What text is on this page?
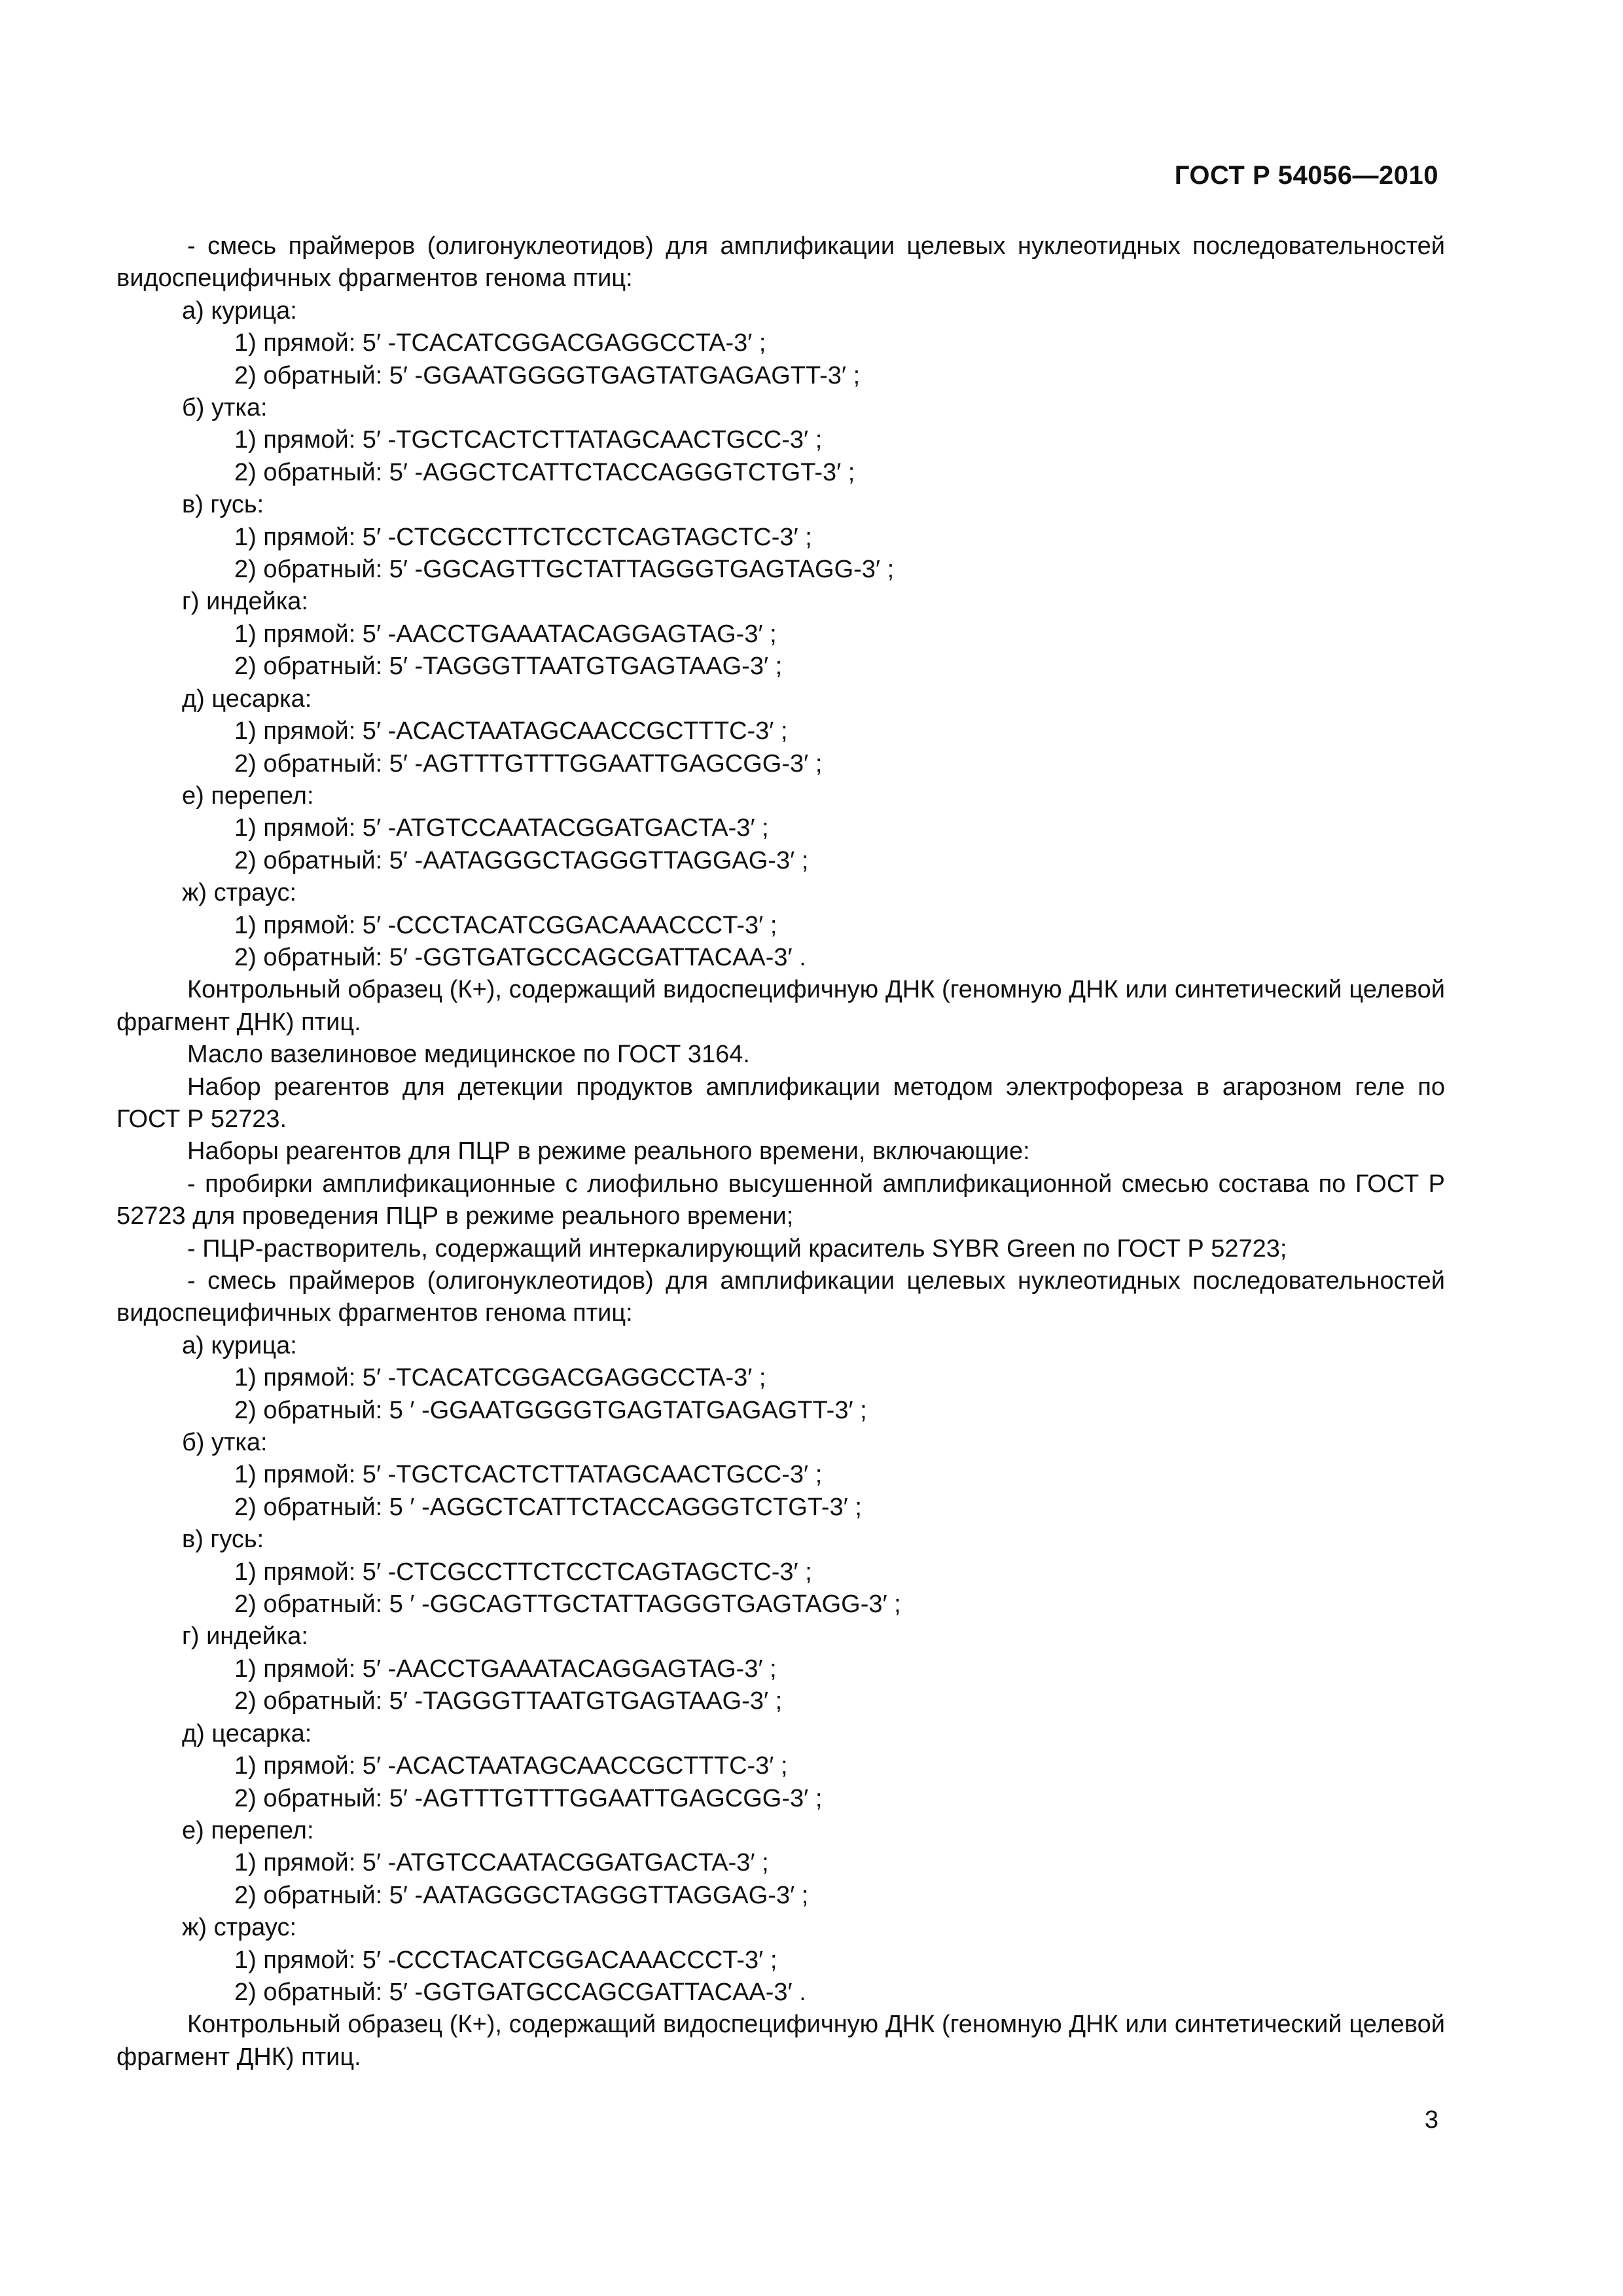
ГОСТ Р 54056—2010

- смесь праймеров (олигонуклеотидов) для амплификации целевых нуклеотидных последовательностей видоспецифичных фрагментов генома птиц:

а) курица:

1) прямой: 5′ -TCACATCGGACGAGGCCTA-3′ ;

2) обратный: 5′ -GGAATGGGGTGAGTATGAGAGTT-3′ ;

б) утка:

1) прямой: 5′ -TGCTCACTCTTATAGCAACTGCC-3′ ;

2) обратный: 5′ -AGGCTCATTCTACCAGGGTCTGT-3′ ;

в) гусь:

1) прямой: 5′ -CTCGCCTTCTCCTCAGTAGCTC-3′ ;

2) обратный: 5′ -GGCAGTTGCTATTAGGGTGAGTAGG-3′ ;

г) индейка:

1) прямой: 5′ -AACCTGAAATACAGGAGTAG-3′ ;

2) обратный: 5′ -TAGGGTTAATGTGAGTAAG-3′ ;

д) цесарка:

1) прямой: 5′ -ACACTAATAGCAACCGCTTTC-3′ ;

2) обратный: 5′ -AGTTTGTTTGGAATTGAGCGG-3′ ;

е) перепел:

1) прямой: 5′ -ATGTCCAATACGGATGACTA-3′ ;

2) обратный: 5′ -AATAGGGCTAGGGTTAGGAG-3′ ;

ж) страус:

1) прямой: 5′ -CCCTACATCGGACAAACCCT-3′ ;

2) обратный: 5′ -GGTGATGCCAGCGATTACAA-3′ .

Контрольный образец (К+), содержащий видоспецифичную ДНК (геномную ДНК или синтетический целевой фрагмент ДНК) птиц.

Масло вазелиновое медицинское по ГОСТ 3164.

Набор реагентов для детекции продуктов амплификации методом электрофореза в агарозном геле по ГОСТ Р 52723.

Наборы реагентов для ПЦР в режиме реального времени, включающие:

- пробирки амплификационные с лиофильно высушенной амплификационной смесью состава по ГОСТ Р 52723 для проведения ПЦР в режиме реального времени;

- ПЦР-растворитель, содержащий интеркалирующий краситель SYBR Green по ГОСТ Р 52723;

- смесь праймеров (олигонуклеотидов) для амплификации целевых нуклеотидных последовательностей видоспецифичных фрагментов генома птиц:

а) курица:

1) прямой: 5′ -TCACATCGGACGAGGCCTA-3′ ;

2) обратный: 5 ′ -GGAATGGGGTGAGTATGAGAGTT-3′ ;

б) утка:

1) прямой: 5′ -TGCTCACTCTTATAGCAACTGCC-3′ ;

2) обратный: 5 ′ -AGGCTCATTCTACCAGGGTCTGT-3′ ;

в) гусь:

1) прямой: 5′ -CTCGCCTTCTCCTCAGTAGCTC-3′ ;

2) обратный: 5 ′ -GGCAGTTGCTATTAGGGTGAGTAGG-3′ ;

г) индейка:

1) прямой: 5′ -AACCTGAAATACAGGAGTAG-3′ ;

2) обратный: 5′ -TAGGGTTAATGTGAGTAAG-3′ ;

д) цесарка:

1) прямой: 5′ -ACACTAATAGCAACCGCTTTC-3′ ;

2) обратный: 5′ -AGTTTGTTTGGAATTGAGCGG-3′ ;

е) перепел:

1) прямой: 5′ -ATGTCCAATACGGATGACTA-3′ ;

2) обратный: 5′ -AATAGGGCTAGGGTTAGGAG-3′ ;

ж) страус:

1) прямой: 5′ -CCCTACATCGGACAAACCCT-3′ ;

2) обратный: 5′ -GGTGATGCCAGCGATTACAA-3′ .

Контрольный образец (К+), содержащий видоспецифичную ДНК (геномную ДНК или синтетический целевой фрагмент ДНК) птиц.

3
